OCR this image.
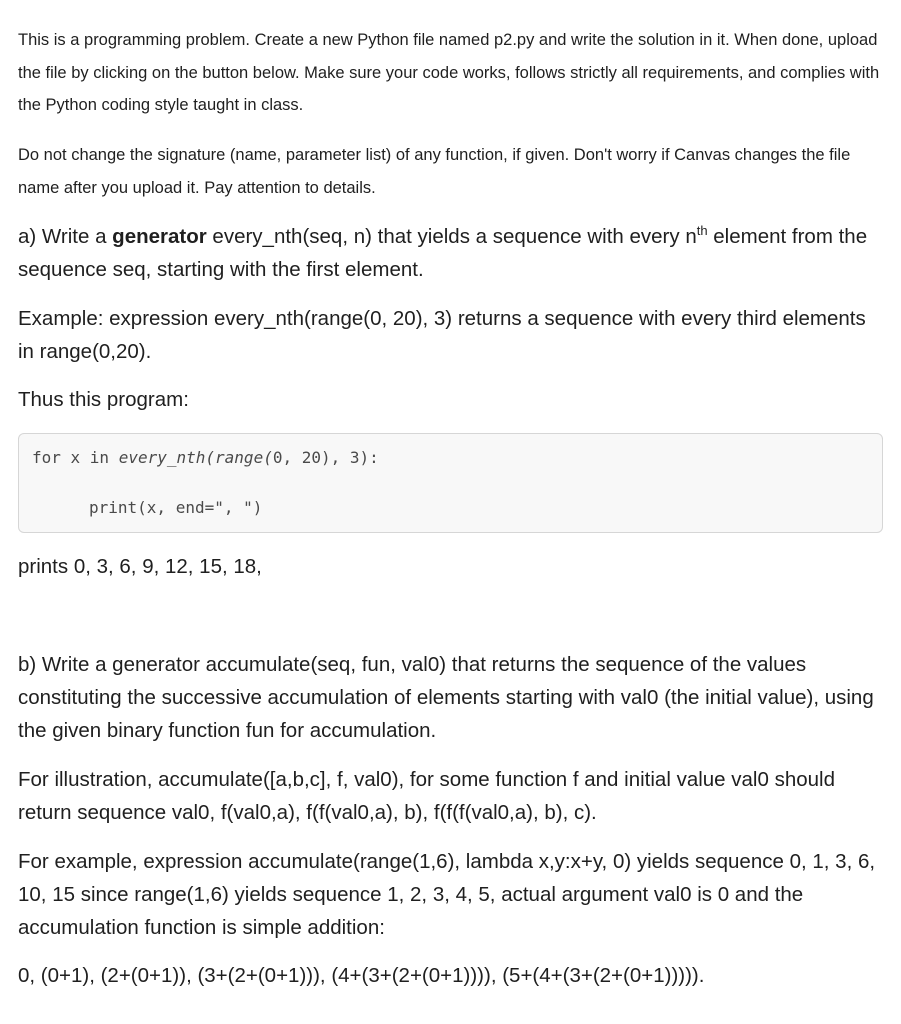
This is a programming problem. Create a new Python file named p2.py and write the solution in it. When done, upload the file by clicking on the button below. Make sure your code works, follows strictly all requirements, and complies with the Python coding style taught in class.

Do not change the signature (name, parameter list) of any function, if given. Don't worry if Canvas changes the file name after you upload it. Pay attention to details.

a) Write a generator every_nth(seq, n) that yields a sequence with every $n^{th}$ element from the sequence seq, starting with the first element.

Example: expression every_nth(range(0, 20), 3) returns a sequence with every third elements in range(0,20).

Thus this program:

for x in every_nth(range(0, 20), 3):
print(x, end=", ")

prints 0, 3, 6, 9, 12, 15, 18,

b) Write a generator accumulate(seq, fun, val0) that returns the sequence of the values constituting the successive accumulation of elements starting with val0 (the initial value), using the given binary function fun for accumulation.

For illustration, accumulate([a,b,c], f, val0), for some function f and initial value val0 should return sequence val0, f(val0,a), f(f(val0,a), b), f(f(f(val0,a), b), c).

For example, expression accumulate(range(1,6), lambda x,y:x+y, 0) yields sequence 0, 1, 3, 6, 10, 15 since range(1,6) yields sequence 1, 2, 3, 4, 5, actual argument val0 is 0 and the accumulation function is simple addition:

0, (0+1), (2+(0+1)), (3+(2+(0+1))), (4+(3+(2+(0+1)))), (5+(4+(3+(2+(0+1))))).
